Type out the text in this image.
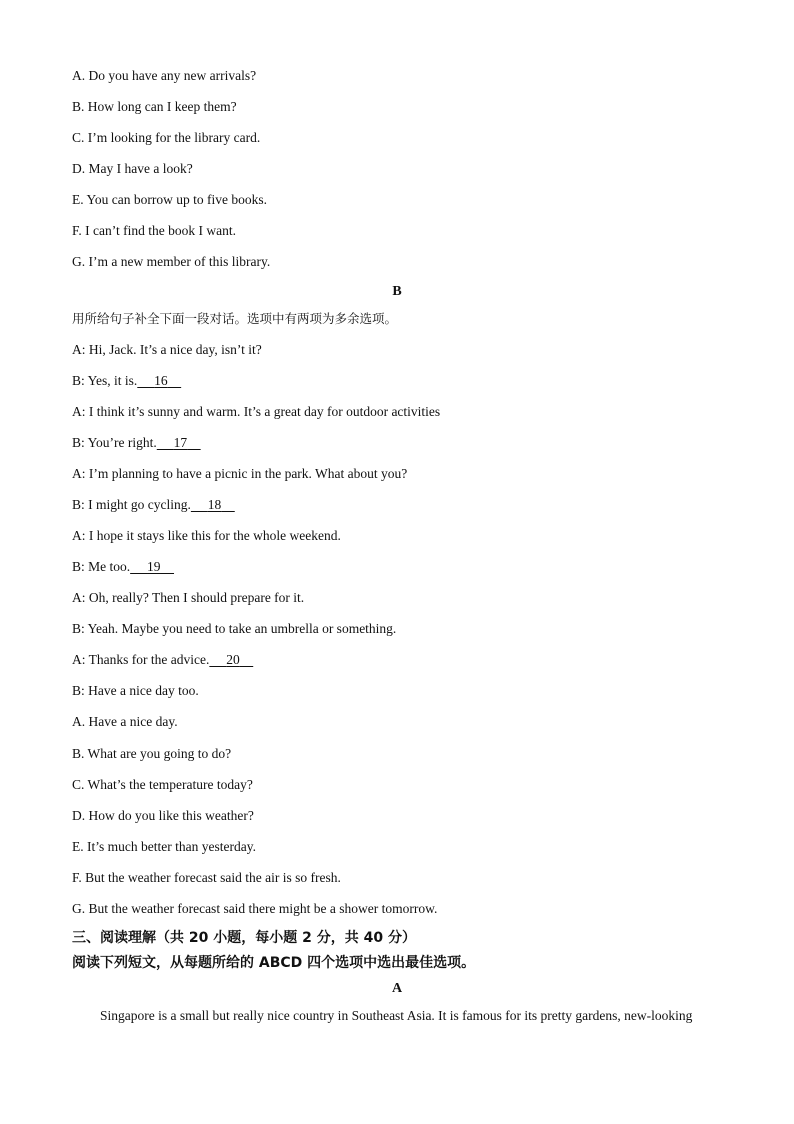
A. Do you have any new arrivals?
B. How long can I keep them?
C. I’m looking for the library card.
D. May I have a look?
E. You can borrow up to five books.
F. I can’t find the book I want.
G. I’m a new member of this library.
B
用所给句子补全下面一段对话。选项中有两项为多余选项。
A: Hi, Jack. It’s a nice day, isn’t it?
B: Yes, it is. 16
A: I think it’s sunny and warm. It’s a great day for outdoor activities
B: You’re right. 17
A: I’m planning to have a picnic in the park. What about you?
B: I might go cycling. 18
A: I hope it stays like this for the whole weekend.
B: Me too. 19
A: Oh, really? Then I should prepare for it.
B: Yeah. Maybe you need to take an umbrella or something.
A: Thanks for the advice. 20
B: Have a nice day too.
A. Have a nice day.
B. What are you going to do?
C. What’s the temperature today?
D. How do you like this weather?
E. It’s much better than yesterday.
F. But the weather forecast said the air is so fresh.
G. But the weather forecast said there might be a shower tomorrow.
三、阅读理解（共 20 小题，每小题 2 分，共 40 分）
阅读下列短文，从每题所给的 ABCD 四个选项中选出最佳选项。
A
Singapore is a small but really nice country in Southeast Asia. It is famous for its pretty gardens, new-looking
